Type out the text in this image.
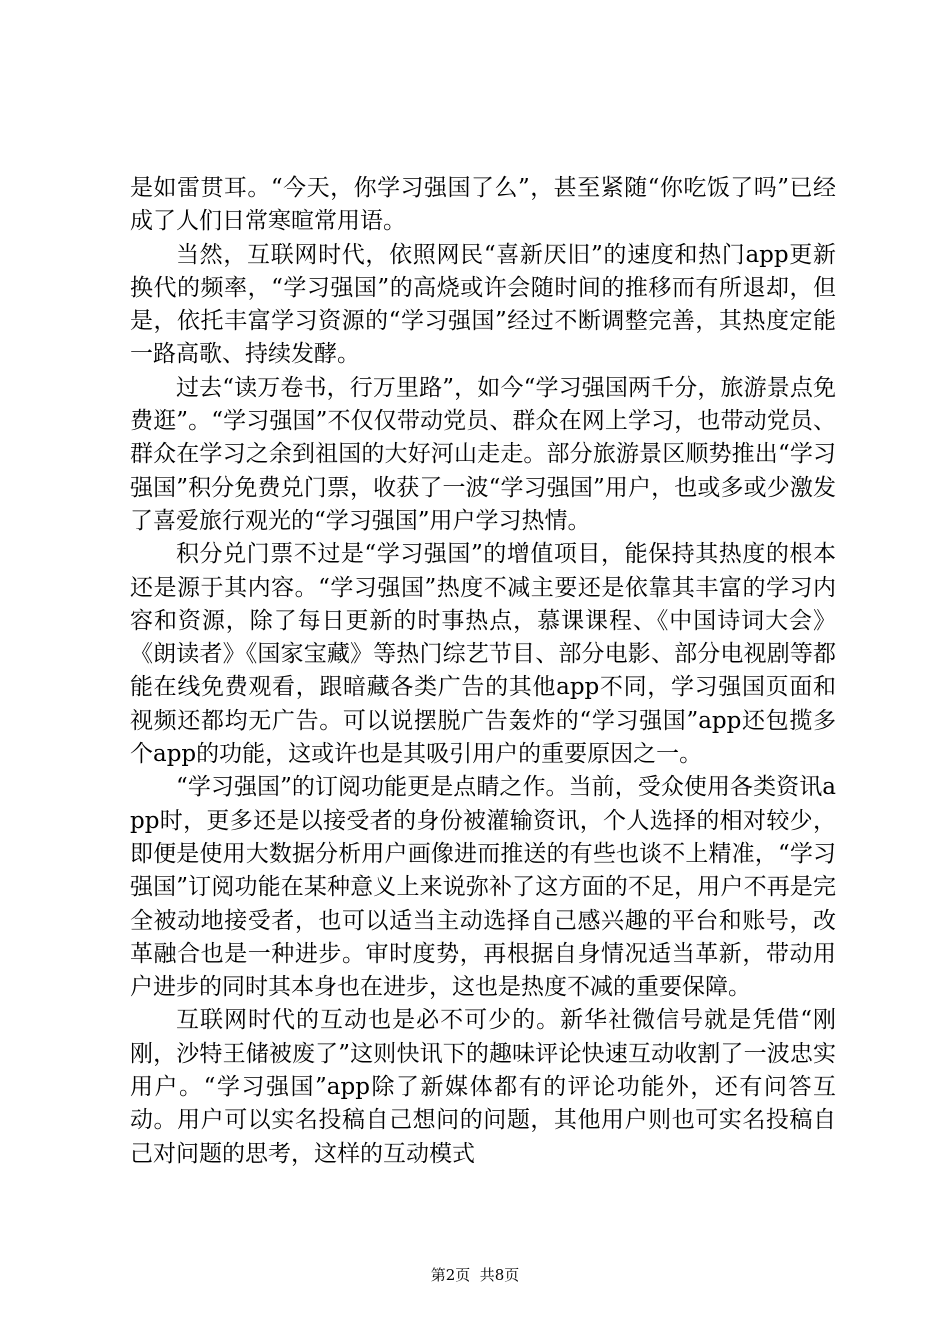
是如雷贯耳。“今天，你学习强国了么”，甚至紧随“你吃饭了吗”已经成了人们日常寒暄常用语。

当然，互联网时代，依照网民“喜新厌旧”的速度和热门app更新换代的频率，“学习强国”的高烧或许会随时间的推移而有所退却，但是，依托丰富学习资源的“学习强国”经过不断调整完善，其热度定能一路高歌、持续发酵。

过去“读万卷书，行万里路”，如今“学习强国两千分，旅游景点免费逛”。“学习强国”不仅仅带动党员、群众在网上学习，也带动党员、群众在学习之余到祖国的大好河山走走。部分旅游景区顺势推出“学习强国”积分免费兑门票，收获了一波“学习强国”用户，也或多或少激发了喜爱旅行观光的“学习强国”用户学习热情。

积分兑门票不过是“学习强国”的增值项目，能保持其热度的根本还是源于其内容。“学习强国”热度不减主要还是依靠其丰富的学习内容和资源，除了每日更新的时事热点，慕课课程、《中国诗词大会》《朗读者》《国家宝藏》等热门综艺节目、部分电影、部分电视剧等都能在线免费观看，跟暗藏各类广告的其他app不同，学习强国页面和视频还都均无广告。可以说摆脱广告轰炸的“学习强国”app还包揽多个app的功能，这或许也是其吸引用户的重要原因之一。

“学习强国”的订阅功能更是点睛之作。当前，受众使用各类资讯app时，更多还是以接受者的身份被灌输资讯，个人选择的相对较少，即便是使用大数据分析用户画像进而推送的有些也谈不上精准，“学习强国”订阅功能在某种意义上来说弥补了这方面的不足，用户不再是完全被动地接受者，也可以适当主动选择自己感兴趣的平台和账号，改革融合也是一种进步。审时度势，再根据自身情况适当革新，带动用户进步的同时其本身也在进步，这也是热度不减的重要保障。

互联网时代的互动也是必不可少的。新华社微信号就是凭借“刚刚，沙特王储被废了”这则快讯下的趣味评论快速互动收割了一波忠实用户。“学习强国”app除了新媒体都有的评论功能外，还有问答互动。用户可以实名投稿自己想问的问题，其他用户则也可实名投稿自己对问题的思考，这样的互动模式

第2页  共8页
